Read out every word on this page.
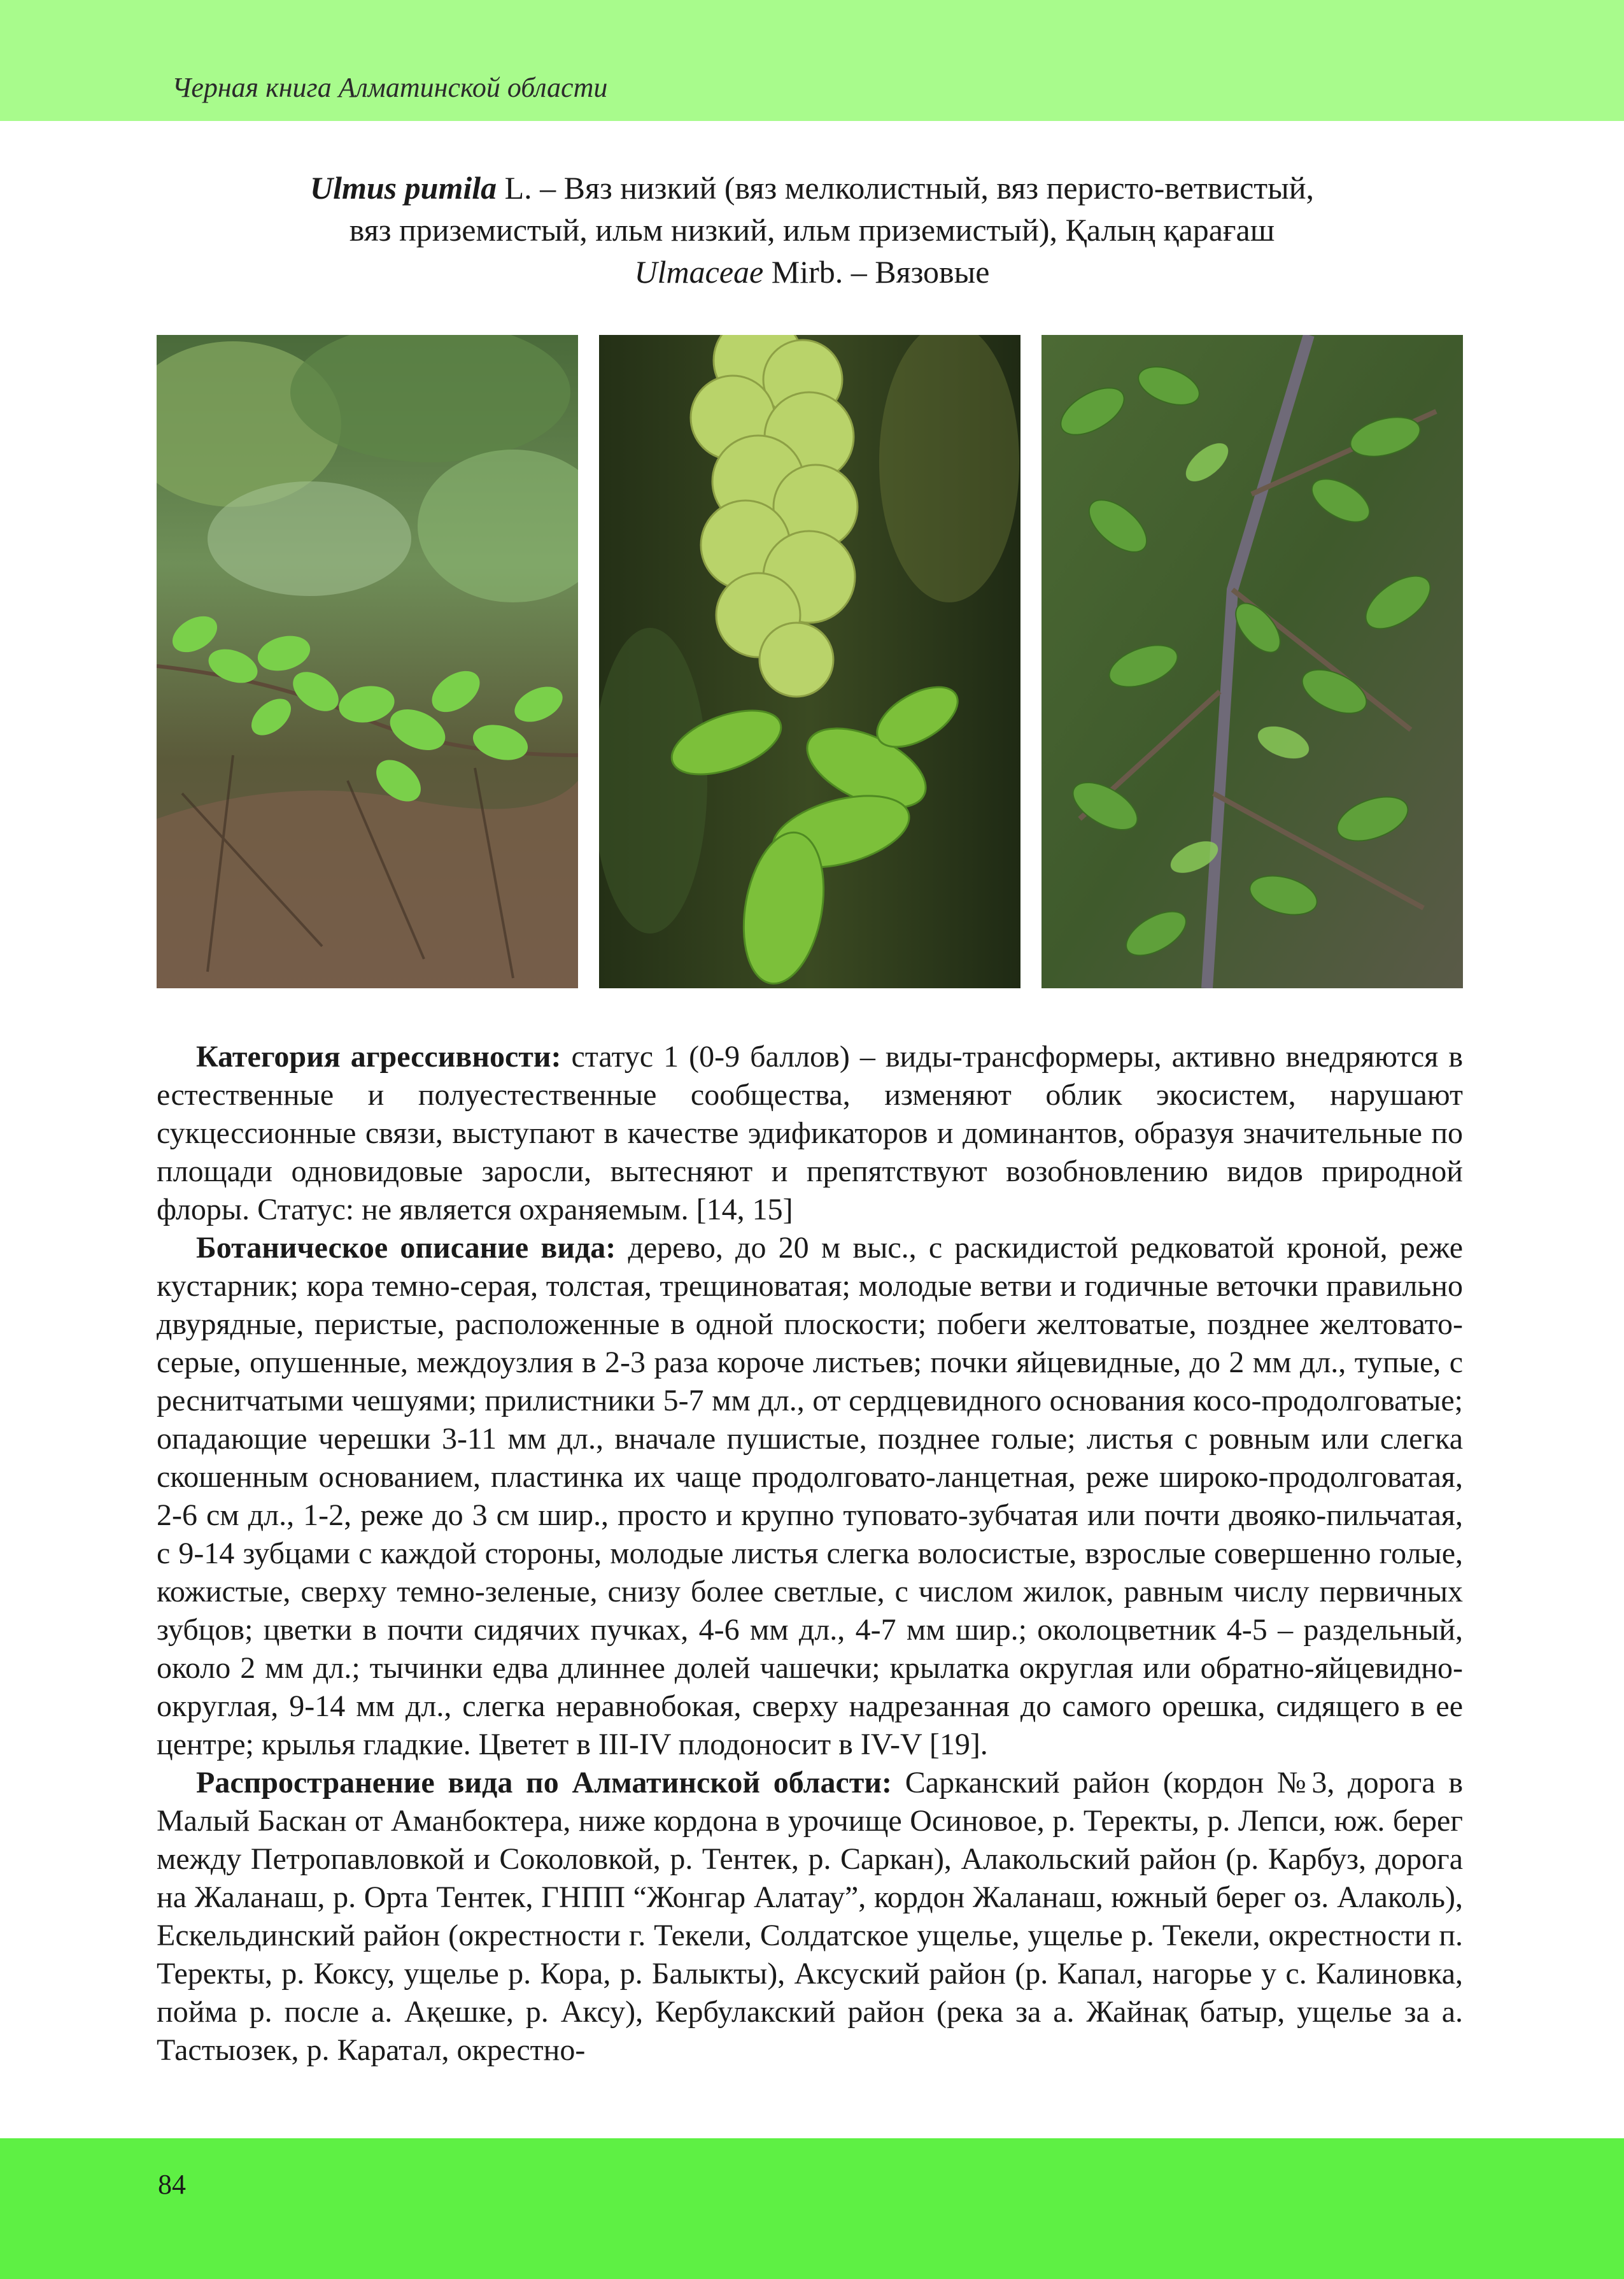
Черная книга Алматинской области
Ulmus pumila L. – Вяз низкий (вяз мелколистный, вяз перисто-ветвистый,
вяз приземистый, ильм низкий, ильм приземистый), Қалың қарағаш
Ulmaceae Mirb. – Вязовые

Категория агрессивности: статус 1 (0-9 баллов) – виды-трансформеры, активно внедряются в естественные и полуестественные сообщества, изменяют облик экосистем, нарушают сукцессионные связи, выступают в качестве эдификаторов и доминантов, образуя значительные по площади одновидовые заросли, вытесняют и препятствуют возобновлению видов природной флоры. Статус: не является охраняемым. [14, 15]

Ботаническое описание вида: дерево, до 20 м выс., с раскидистой редковатой кроной, реже кустарник; кора темно-серая, толстая, трещиноватая; молодые ветви и годичные веточки правильно двурядные, перистые, расположенные в одной плоскости; побеги желтоватые, позднее желтовато-серые, опушенные, междоузлия в 2-3 раза короче листьев; почки яйцевидные, до 2 мм дл., тупые, с реснитчатыми чешуями; прилистники 5-7 мм дл., от сердцевидного основания косо-продолговатые; опадающие черешки 3-11 мм дл., вначале пушистые, позднее голые; листья с ровным или слегка скошенным основанием, пластинка их чаще продолговато-ланцетная, реже широко-продолговатая, 2-6 см дл., 1-2, реже до 3 см шир., просто и крупно туповато-зубчатая или почти двояко-пильчатая, с 9-14 зубцами с каждой стороны, молодые листья слегка волосистые, взрослые совершенно голые, кожистые, сверху темно-зеленые, снизу более светлые, с числом жилок, равным числу первичных зубцов; цветки в почти сидячих пучках, 4-6 мм дл., 4-7 мм шир.; околоцветник 4-5 – раздельный, около 2 мм дл.; тычинки едва длиннее долей чашечки; крылатка округлая или обратно-яйцевидно-округлая, 9-14 мм дл., слегка неравнобокая, сверху надрезанная до самого орешка, сидящего в ее центре; крылья гладкие. Цветет в III-IV плодоносит в IV-V [19].

Распространение вида по Алматинской области: Сарканский район (кордон №3, дорога в Малый Баскан от Аманбоктера, ниже кордона в урочище Осиновое, р. Теректы, р. Лепси, юж. берег между Петропавловкой и Соколовкой, р. Тентек, р. Саркан), Алакольский район (р. Карбуз, дорога на Жаланаш, р. Орта Тентек, ГНПП “Жонгар Алатау”, кордон Жаланаш, южный берег оз. Алаколь), Ескельдинский район (окрестности г. Текели, Солдатское ущелье, ущелье р. Текели, окрестности п. Теректы, р. Коксу, ущелье р. Кора, р. Балыкты), Аксуский район (р. Капал, нагорье у с. Калиновка, пойма р. после а. Ақешке, р. Аксу), Кербулакский район (река за а. Жайнақ батыр, ущелье за а. Тастыозек, р. Каратал, окрестно-

84
